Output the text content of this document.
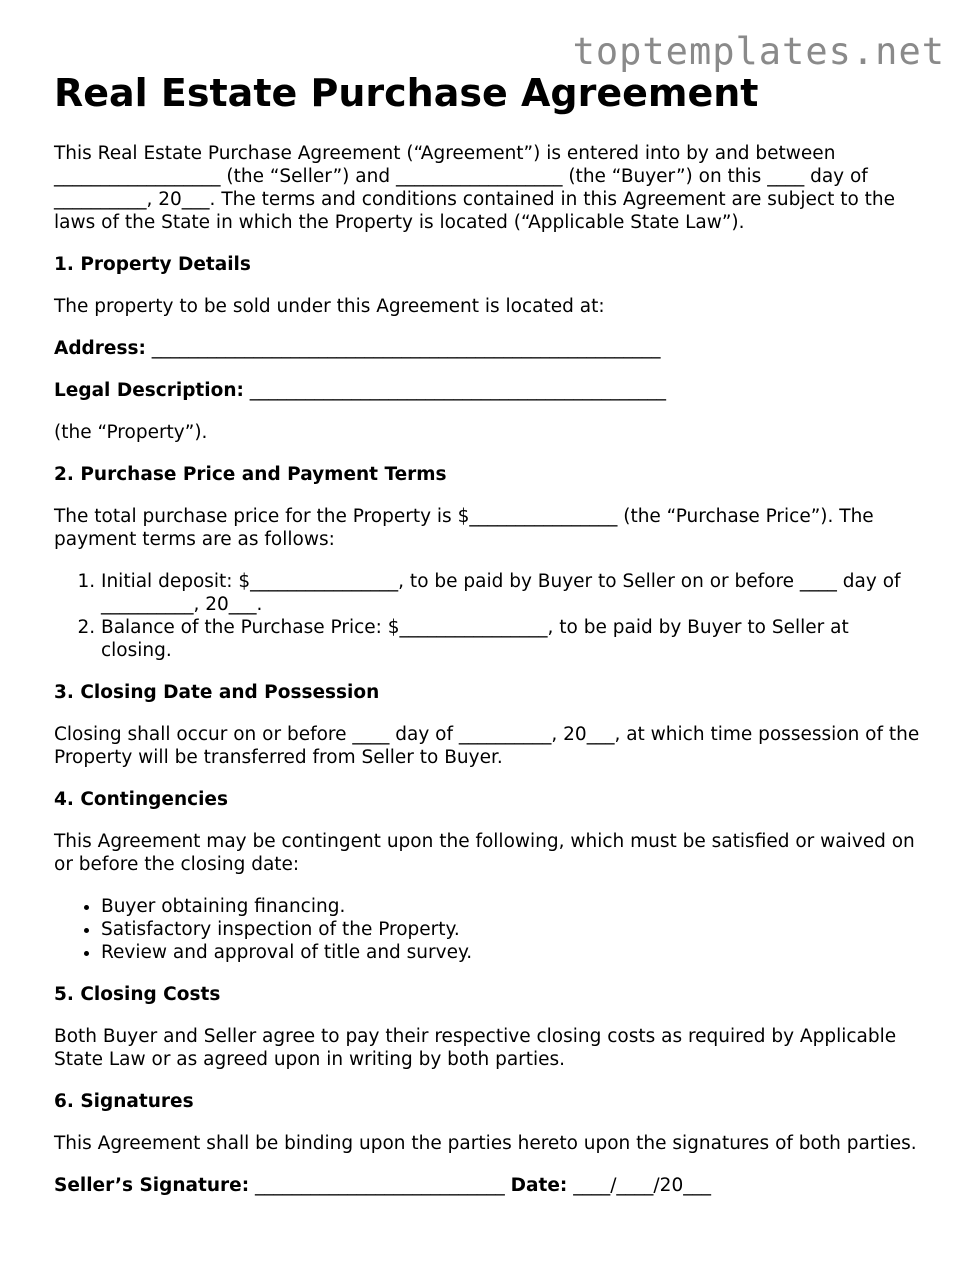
toptemplates.net
Real Estate Purchase Agreement

This Real Estate Purchase Agreement (“Agreement”) is entered into by and between __________________ (the “Seller”) and __________________ (the “Buyer”) on this ____ day of __________, 20___. The terms and conditions contained in this Agreement are subject to the laws of the State in which the Property is located (“Applicable State Law”).

1. Property Details

The property to be sold under this Agreement is located at:

Address: _______________________________________________________
Legal Description: _____________________________________________

(the “Property”).

2. Purchase Price and Payment Terms

The total purchase price for the Property is $________________ (the “Purchase Price”). The payment terms are as follows:

1. Initial deposit: $________________, to be paid by Buyer to Seller on or before ____ day of __________, 20___.
2. Balance of the Purchase Price: $________________, to be paid by Buyer to Seller at closing.
3. Closing Date and Possession

Closing shall occur on or before ____ day of __________, 20___, at which time possession of the Property will be transferred from Seller to Buyer.

4. Contingencies

This Agreement may be contingent upon the following, which must be satisfied or waived on or before the closing date:

• Buyer obtaining financing.
• Satisfactory inspection of the Property.
• Review and approval of title and survey.
5. Closing Costs

Both Buyer and Seller agree to pay their respective closing costs as required by Applicable State Law or as agreed upon in writing by both parties.

6. Signatures

This Agreement shall be binding upon the parties hereto upon the signatures of both parties.

Seller’s Signature: ___________________________ Date: ____/____/20___
